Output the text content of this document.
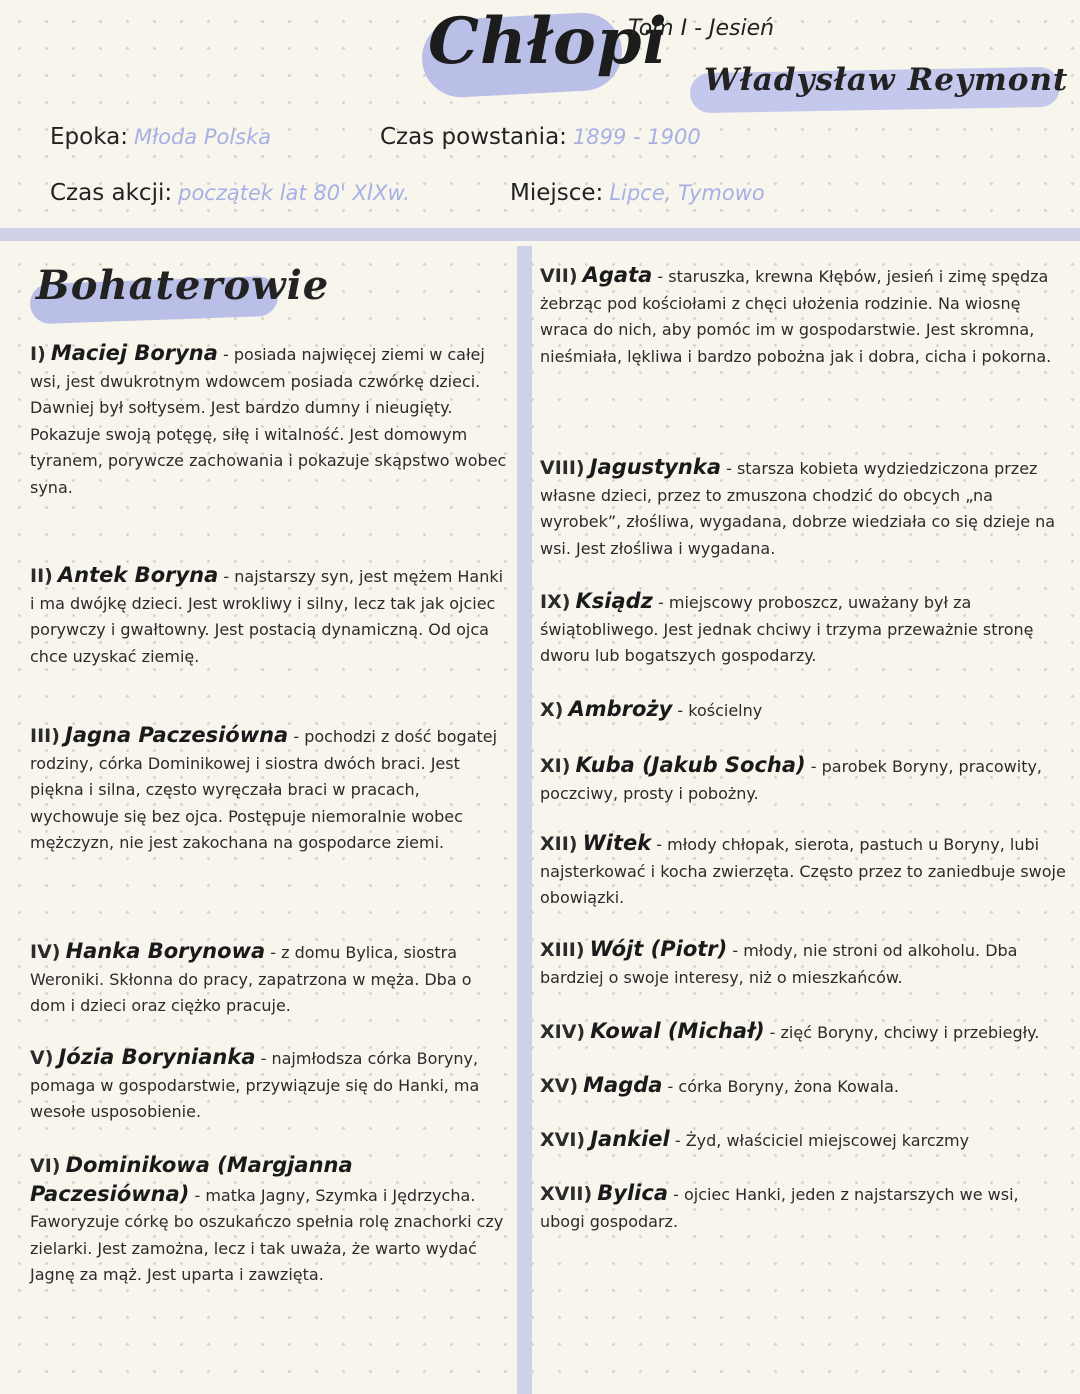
Chłopi
Tom I - Jesień
Władysław Reymont
Epoka: Młoda Polska	Czas powstania: 1899 - 1900
Czas akcji: początek lat 80' XIXw.	Miejsce: Lipce, Tymowo
Bohaterowie
I) Maciej Boryna - posiada najwięcej ziemi w całej wsi, jest dwukrotnym wdowcem posiada czwórkę dzieci. Dawniej był sołtysem. Jest bardzo dumny i nieugięty. Pokazuje swoją potęgę, siłę i witalność. Jest domowym tyranem, porywcze zachowania i pokazuje skąpstwo wobec syna.
II) Antek Boryna - najstarszy syn, jest mężem Hanki i ma dwójkę dzieci. Jest wrokliwy i silny, lecz tak jak ojciec porywczy i gwałtowny. Jest postacią dynamiczną. Od ojca chce uzyskać ziemię.
III) Jagna Paczesiówna - pochodzi z dość bogatej rodziny, córka Dominikowej i siostra dwóch braci. Jest piękna i silna, często wyręczała braci w pracach, wychowuje się bez ojca. Postępuje niemoralnie wobec mężczyzn, nie jest zakochana na gospodarce ziemi.
IV) Hanka Borynowa - z domu Bylica, siostra Weroniki. Skłonna do pracy, zapatrzona w męża. Dba o dom i dzieci oraz ciężko pracuje.
V) Józia Borynianka - najmłodsza córka Boryny, pomaga w gospodarstwie, przywiązuje się do Hanki, ma wesołe usposobienie.
VI) Dominikowa (Margjanna Paczesiówna) - matka Jagny, Szymka i Jędrzycha. Faworyzuje córkę bo oszukańczo spełnia rolę znachorki czy zielarki. Jest zamożna, lecz i tak uważa, że warto wydać Jagnę za mąż. Jest uparta i zawzięta.
VII) Agata - staruszka, krewna Kłębów, jesień i zimę spędza żebrząc pod kościołami z chęci ułożenia rodzinie. Na wiosnę wraca do nich, aby pomóc im w gospodarstwie. Jest skromna, nieśmiała, lękliwa i bardzo pobożna jak i dobra, cicha i pokorna.
VIII) Jagustynka - starsza kobieta wydziedziczona przez własne dzieci, przez to zmuszona chodzić do obcych „na wyrobek”, złośliwa, wygadana, dobrze wiedziała co się dzieje na wsi. Jest złośliwa i wygadana.
IX) Ksiądz - miejscowy proboszcz, uważany był za świątobliwego. Jest jednak chciwy i trzyma przeważnie stronę dworu lub bogatszych gospodarzy.
X) Ambroży - kościelny
XI) Kuba (Jakub Socha) - parobek Boryny, pracowity, poczciwy, prosty i pobożny.
XII) Witek - młody chłopak, sierota, pastuch u Boryny, lubi najsterkować i kocha zwierzęta. Często przez to zaniedbuje swoje obowiązki.
XIII) Wójt (Piotr) - młody, nie stroni od alkoholu. Dba bardziej o swoje interesy, niż o mieszkańców.
XIV) Kowal (Michał) - zięć Boryny, chciwy i przebiegły.
XV) Magda - córka Boryny, żona Kowala.
XVI) Jankiel - Żyd, właściciel miejscowej karczmy
XVII) Bylica - ojciec Hanki, jeden z najstarszych we wsi, ubogi gospodarz.
